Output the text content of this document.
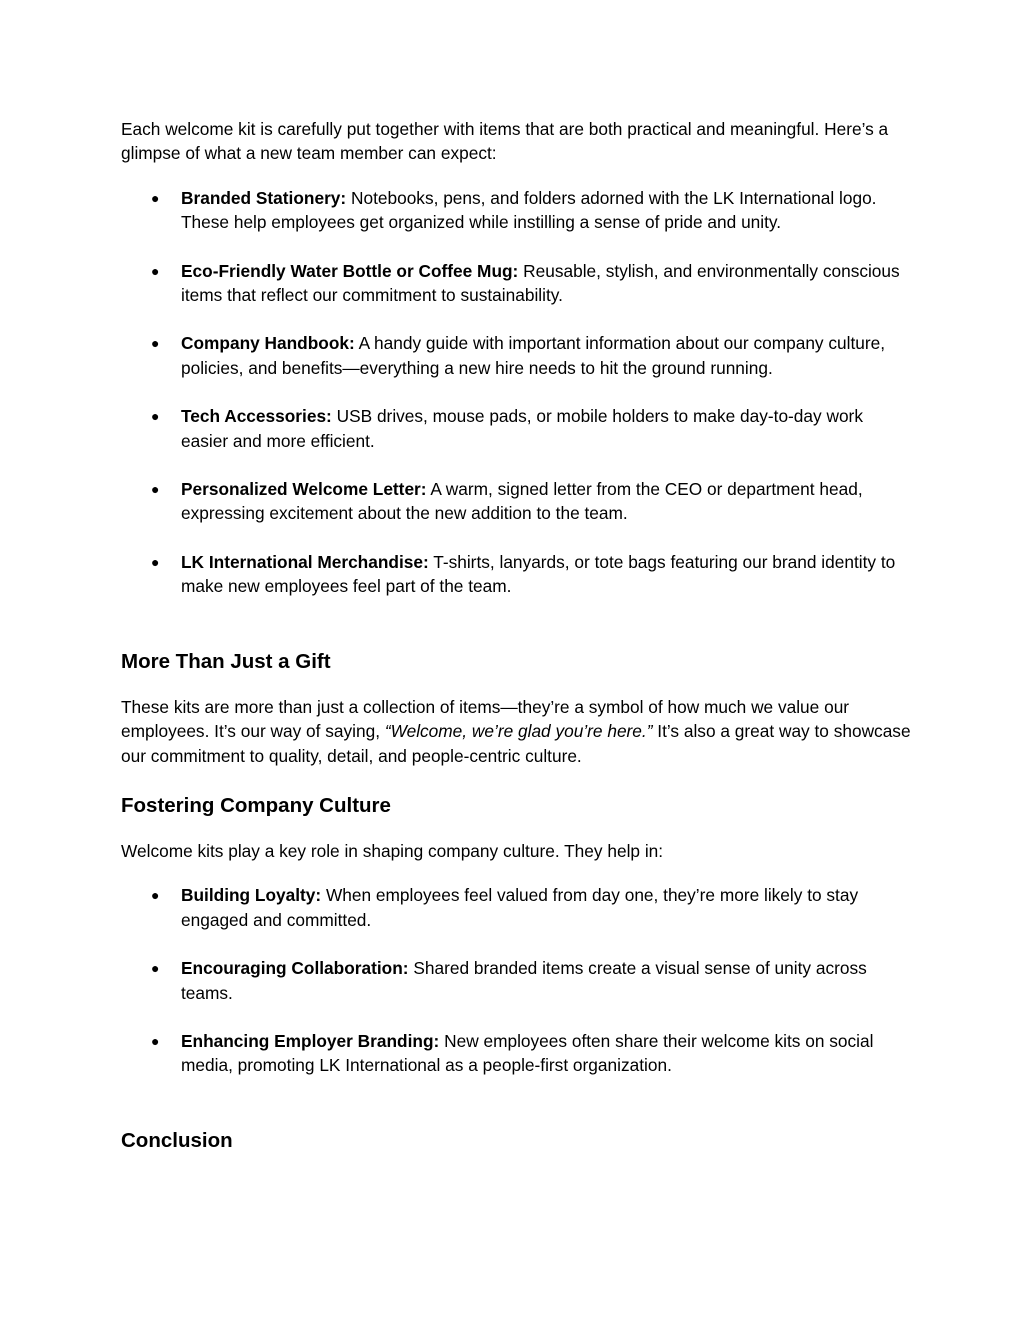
Each welcome kit is carefully put together with items that are both practical and meaningful. Here’s a glimpse of what a new team member can expect:

● Branded Stationery: Notebooks, pens, and folders adorned with the LK International logo. These help employees get organized while instilling a sense of pride and unity.
● Eco-Friendly Water Bottle or Coffee Mug: Reusable, stylish, and environmentally conscious items that reflect our commitment to sustainability.
● Company Handbook: A handy guide with important information about our company culture, policies, and benefits—everything a new hire needs to hit the ground running.
● Tech Accessories: USB drives, mouse pads, or mobile holders to make day-to-day work easier and more efficient.
● Personalized Welcome Letter: A warm, signed letter from the CEO or department head, expressing excitement about the new addition to the team.
● LK International Merchandise: T-shirts, lanyards, or tote bags featuring our brand identity to make new employees feel part of the team.
More Than Just a Gift

These kits are more than just a collection of items—they’re a symbol of how much we value our employees. It’s our way of saying, “Welcome, we’re glad you’re here.” It’s also a great way to showcase our commitment to quality, detail, and people-centric culture.

Fostering Company Culture

Welcome kits play a key role in shaping company culture. They help in:

● Building Loyalty: When employees feel valued from day one, they’re more likely to stay engaged and committed.
● Encouraging Collaboration: Shared branded items create a visual sense of unity across teams.
● Enhancing Employer Branding: New employees often share their welcome kits on social media, promoting LK International as a people-first organization.
Conclusion
